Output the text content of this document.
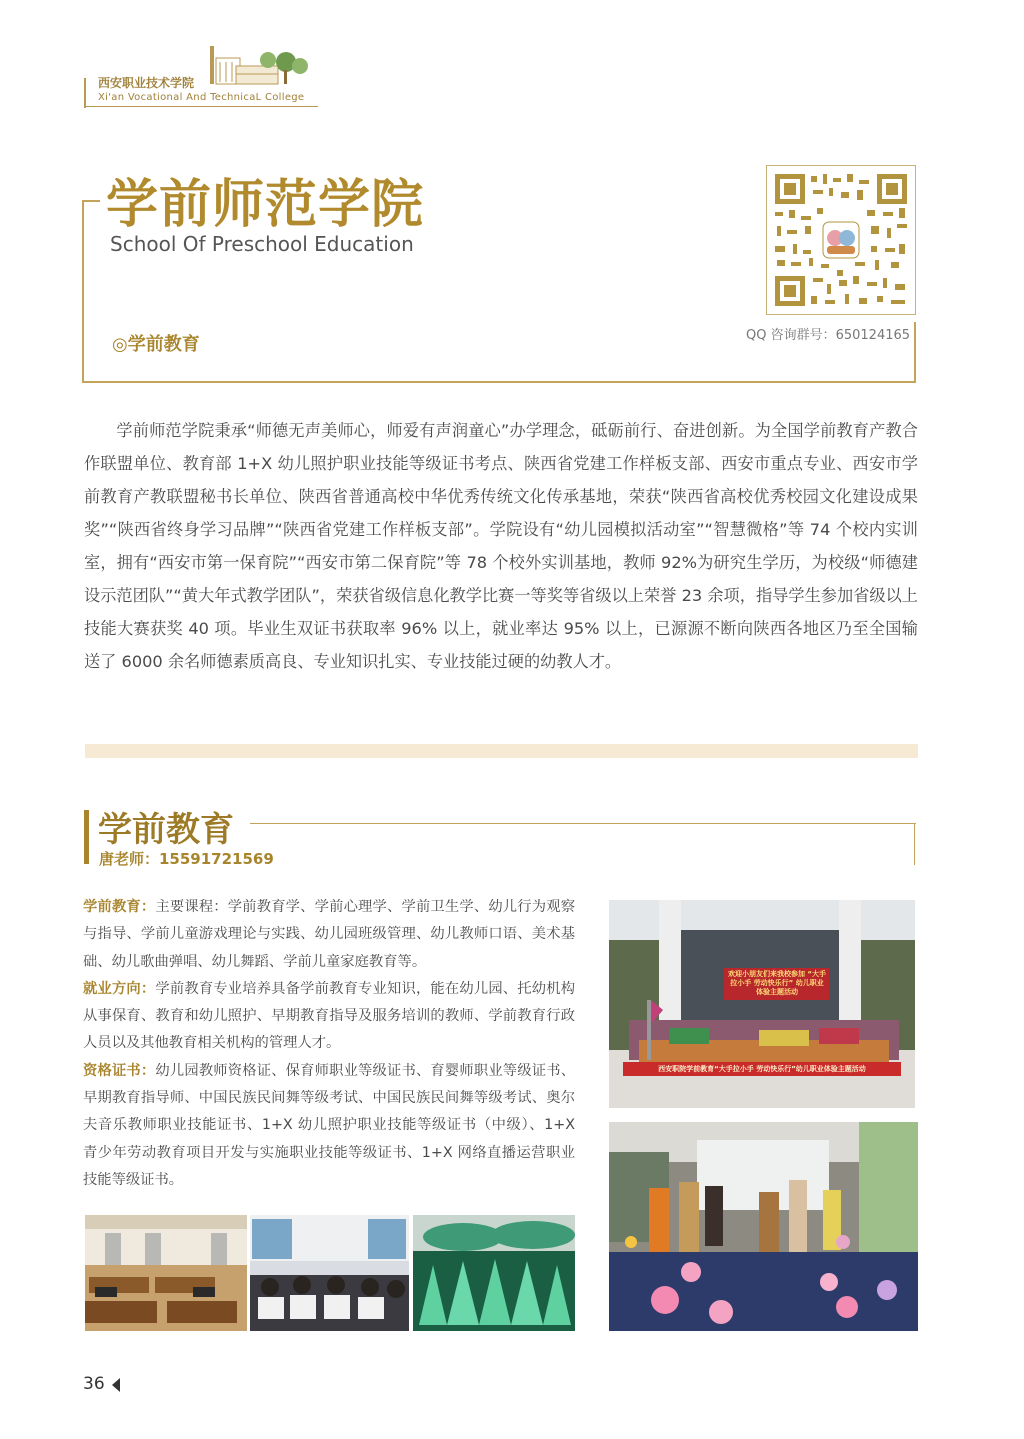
西安职业技术学院
Xi'an Vocational And TechnicaL College
学前师范学院
School Of Preschool Education
◎学前教育	QQ 咨询群号：650124165
学前师范学院秉承“师德无声美师心，师爱有声润童心”办学理念，砥砺前行、奋进创新。为全国学前教育产教合作联盟单位、教育部 1+X 幼儿照护职业技能等级证书考点、陕西省党建工作样板支部、西安市重点专业、西安市学前教育产教联盟秘书长单位、陕西省普通高校中华优秀传统文化传承基地，荣获“陕西省高校优秀校园文化建设成果奖”“陕西省终身学习品牌”“陕西省党建工作样板支部”。学院设有“幼儿园模拟活动室”“智慧微格”等 74 个校内实训室，拥有“西安市第一保育院”“西安市第二保育院”等 78 个校外实训基地，教师 92%为研究生学历，为校级“师德建设示范团队”“黄大年式教学团队”，荣获省级信息化教学比赛一等奖等省级以上荣誉 23 余项，指导学生参加省级以上技能大赛获奖 40 项。毕业生双证书获取率 96% 以上，就业率达 95% 以上，已源源不断向陕西各地区乃至全国输送了 6000 余名师德素质高良、专业知识扎实、专业技能过硬的幼教人才。
学前教育
唐老师：15591721569
学前教育：主要课程：学前教育学、学前心理学、学前卫生学、幼儿行为观察与指导、学前儿童游戏理论与实践、幼儿园班级管理、幼儿教师口语、美术基础、幼儿歌曲弹唱、幼儿舞蹈、学前儿童家庭教育等。
就业方向：学前教育专业培养具备学前教育专业知识，能在幼儿园、托幼机构从事保育、教育和幼儿照护、早期教育指导及服务培训的教师、学前教育行政人员以及其他教育相关机构的管理人才。
资格证书：幼儿园教师资格证、保育师职业等级证书、育婴师职业等级证书、早期教育指导师、中国民族民间舞等级考试、中国民族民间舞等级考试、奥尔夫音乐教师职业技能证书、1+X 幼儿照护职业技能等级证书（中级）、1+X 青少年劳动教育项目开发与实施职业技能等级证书、1+X 网络直播运营职业技能等级证书。
欢迎小朋友们来我校参加 “大手拉小手 劳动快乐行” 幼儿职业体验主题活动
西安职院学前教育“大手拉小手 劳动快乐行”幼儿职业体验主题活动
36
